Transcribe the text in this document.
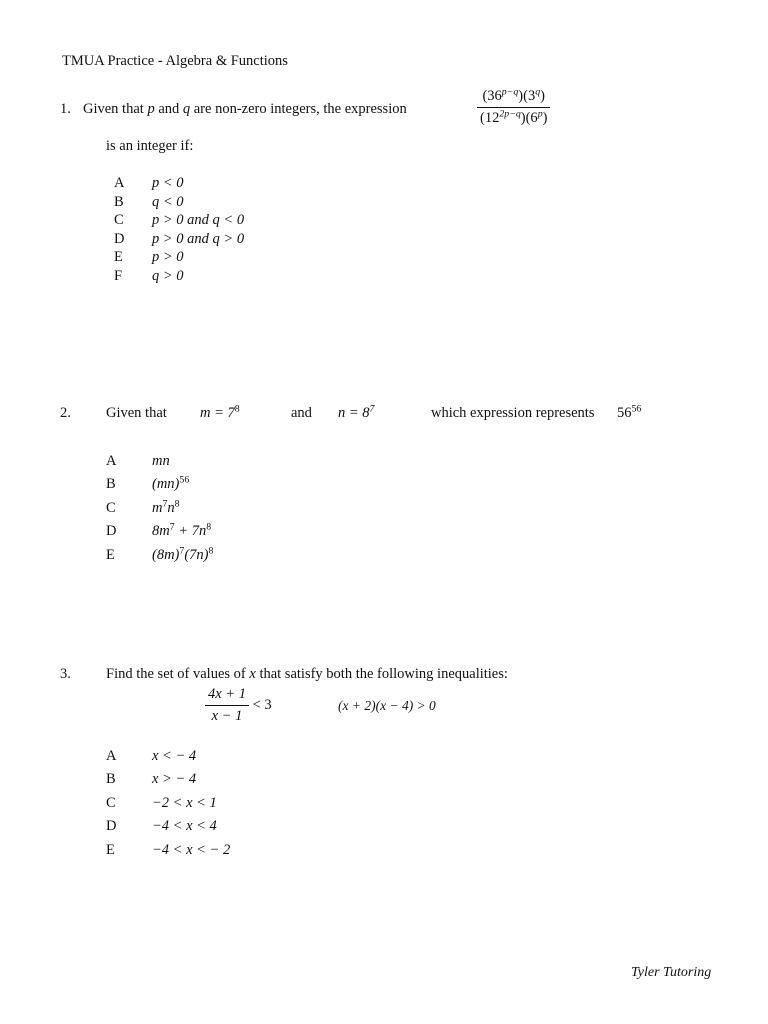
TMUA Practice - Algebra & Functions
1. Given that p and q are non-zero integers, the expression	$\frac{(36^{p-q})(3^q)}{(12^{2p-q})(6^p)}$
is an integer if:
A	p < 0
B	q < 0
C	p > 0 and q < 0
D	p > 0 and q > 0
E	p > 0
F	q > 0
2. Given that $m = 7^8$	and $n = 8^7$	which expression represents $56^{56}$
A	mn
B	(mn)$^{56}$
C	$m^7n^8$
D	$8m^7 + 7n^8$
E	$(8m)^7(7n)^8$
3. Find the set of values of x that satisfy both the following inequalities:
$\frac{4x + 1}{x - 1} < 3$	(x + 2)(x − 4) > 0
A	x < − 4
B	x > − 4
C	−2 < x < 1
D	−4 < x < 4
E	−4 < x < − 2
Tyler Tutoring
